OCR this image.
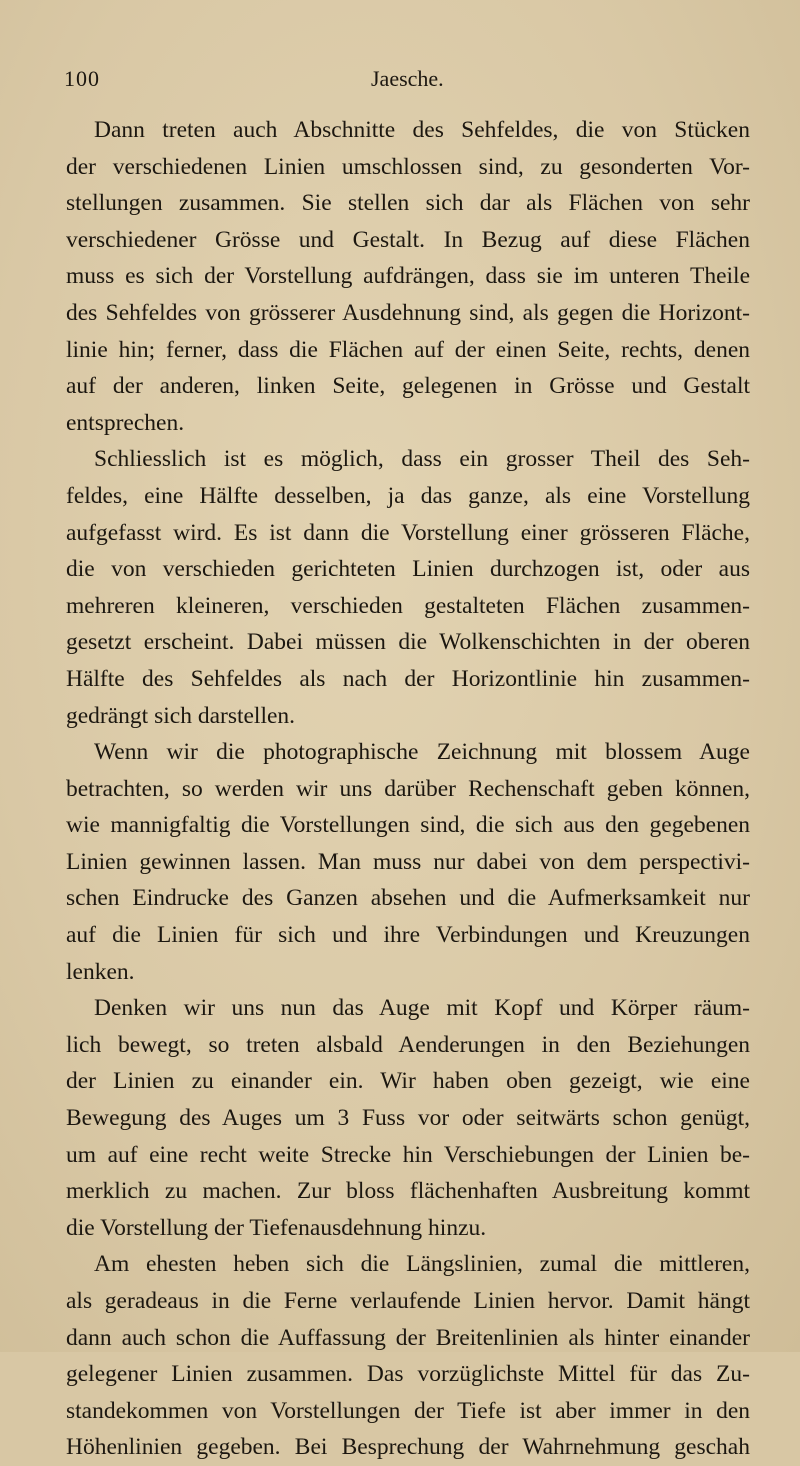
100	Jaesche.
Dann treten auch Abschnitte des Sehfeldes, die von Stücken
der verschiedenen Linien umschlossen sind, zu gesonderten Vor-
stellungen zusammen. Sie stellen sich dar als Flächen von sehr
verschiedener Grösse und Gestalt. In Bezug auf diese Flächen
muss es sich der Vorstellung aufdrängen, dass sie im unteren Theile
des Sehfeldes von grösserer Ausdehnung sind, als gegen die Horizont-
linie hin; ferner, dass die Flächen auf der einen Seite, rechts, denen
auf der anderen, linken Seite, gelegenen in Grösse und Gestalt
entsprechen.
Schliesslich ist es möglich, dass ein grosser Theil des Seh-
feldes, eine Hälfte desselben, ja das ganze, als eine Vorstellung
aufgefasst wird. Es ist dann die Vorstellung einer grösseren Fläche,
die von verschieden gerichteten Linien durchzogen ist, oder aus
mehreren kleineren, verschieden gestalteten Flächen zusammen-
gesetzt erscheint. Dabei müssen die Wolkenschichten in der oberen
Hälfte des Sehfeldes als nach der Horizontlinie hin zusammen-
gedrängt sich darstellen.
Wenn wir die photographische Zeichnung mit blossem Auge
betrachten, so werden wir uns darüber Rechenschaft geben können,
wie mannigfaltig die Vorstellungen sind, die sich aus den gegebenen
Linien gewinnen lassen. Man muss nur dabei von dem perspectivi-
schen Eindrucke des Ganzen absehen und die Aufmerksamkeit nur
auf die Linien für sich und ihre Verbindungen und Kreuzungen
lenken.
Denken wir uns nun das Auge mit Kopf und Körper räum-
lich bewegt, so treten alsbald Aenderungen in den Beziehungen
der Linien zu einander ein. Wir haben oben gezeigt, wie eine
Bewegung des Auges um 3 Fuss vor oder seitwärts schon genügt,
um auf eine recht weite Strecke hin Verschiebungen der Linien be-
merklich zu machen. Zur bloss flächenhaften Ausbreitung kommt
die Vorstellung der Tiefenausdehnung hinzu.
Am ehesten heben sich die Längslinien, zumal die mittleren,
als geradeaus in die Ferne verlaufende Linien hervor. Damit hängt
dann auch schon die Auffassung der Breitenlinien als hinter einander
gelegener Linien zusammen. Das vorzüglichste Mittel für das Zu-
standekommen von Vorstellungen der Tiefe ist aber immer in den
Höhenlinien gegeben. Bei Besprechung der Wahrnehmung geschah
